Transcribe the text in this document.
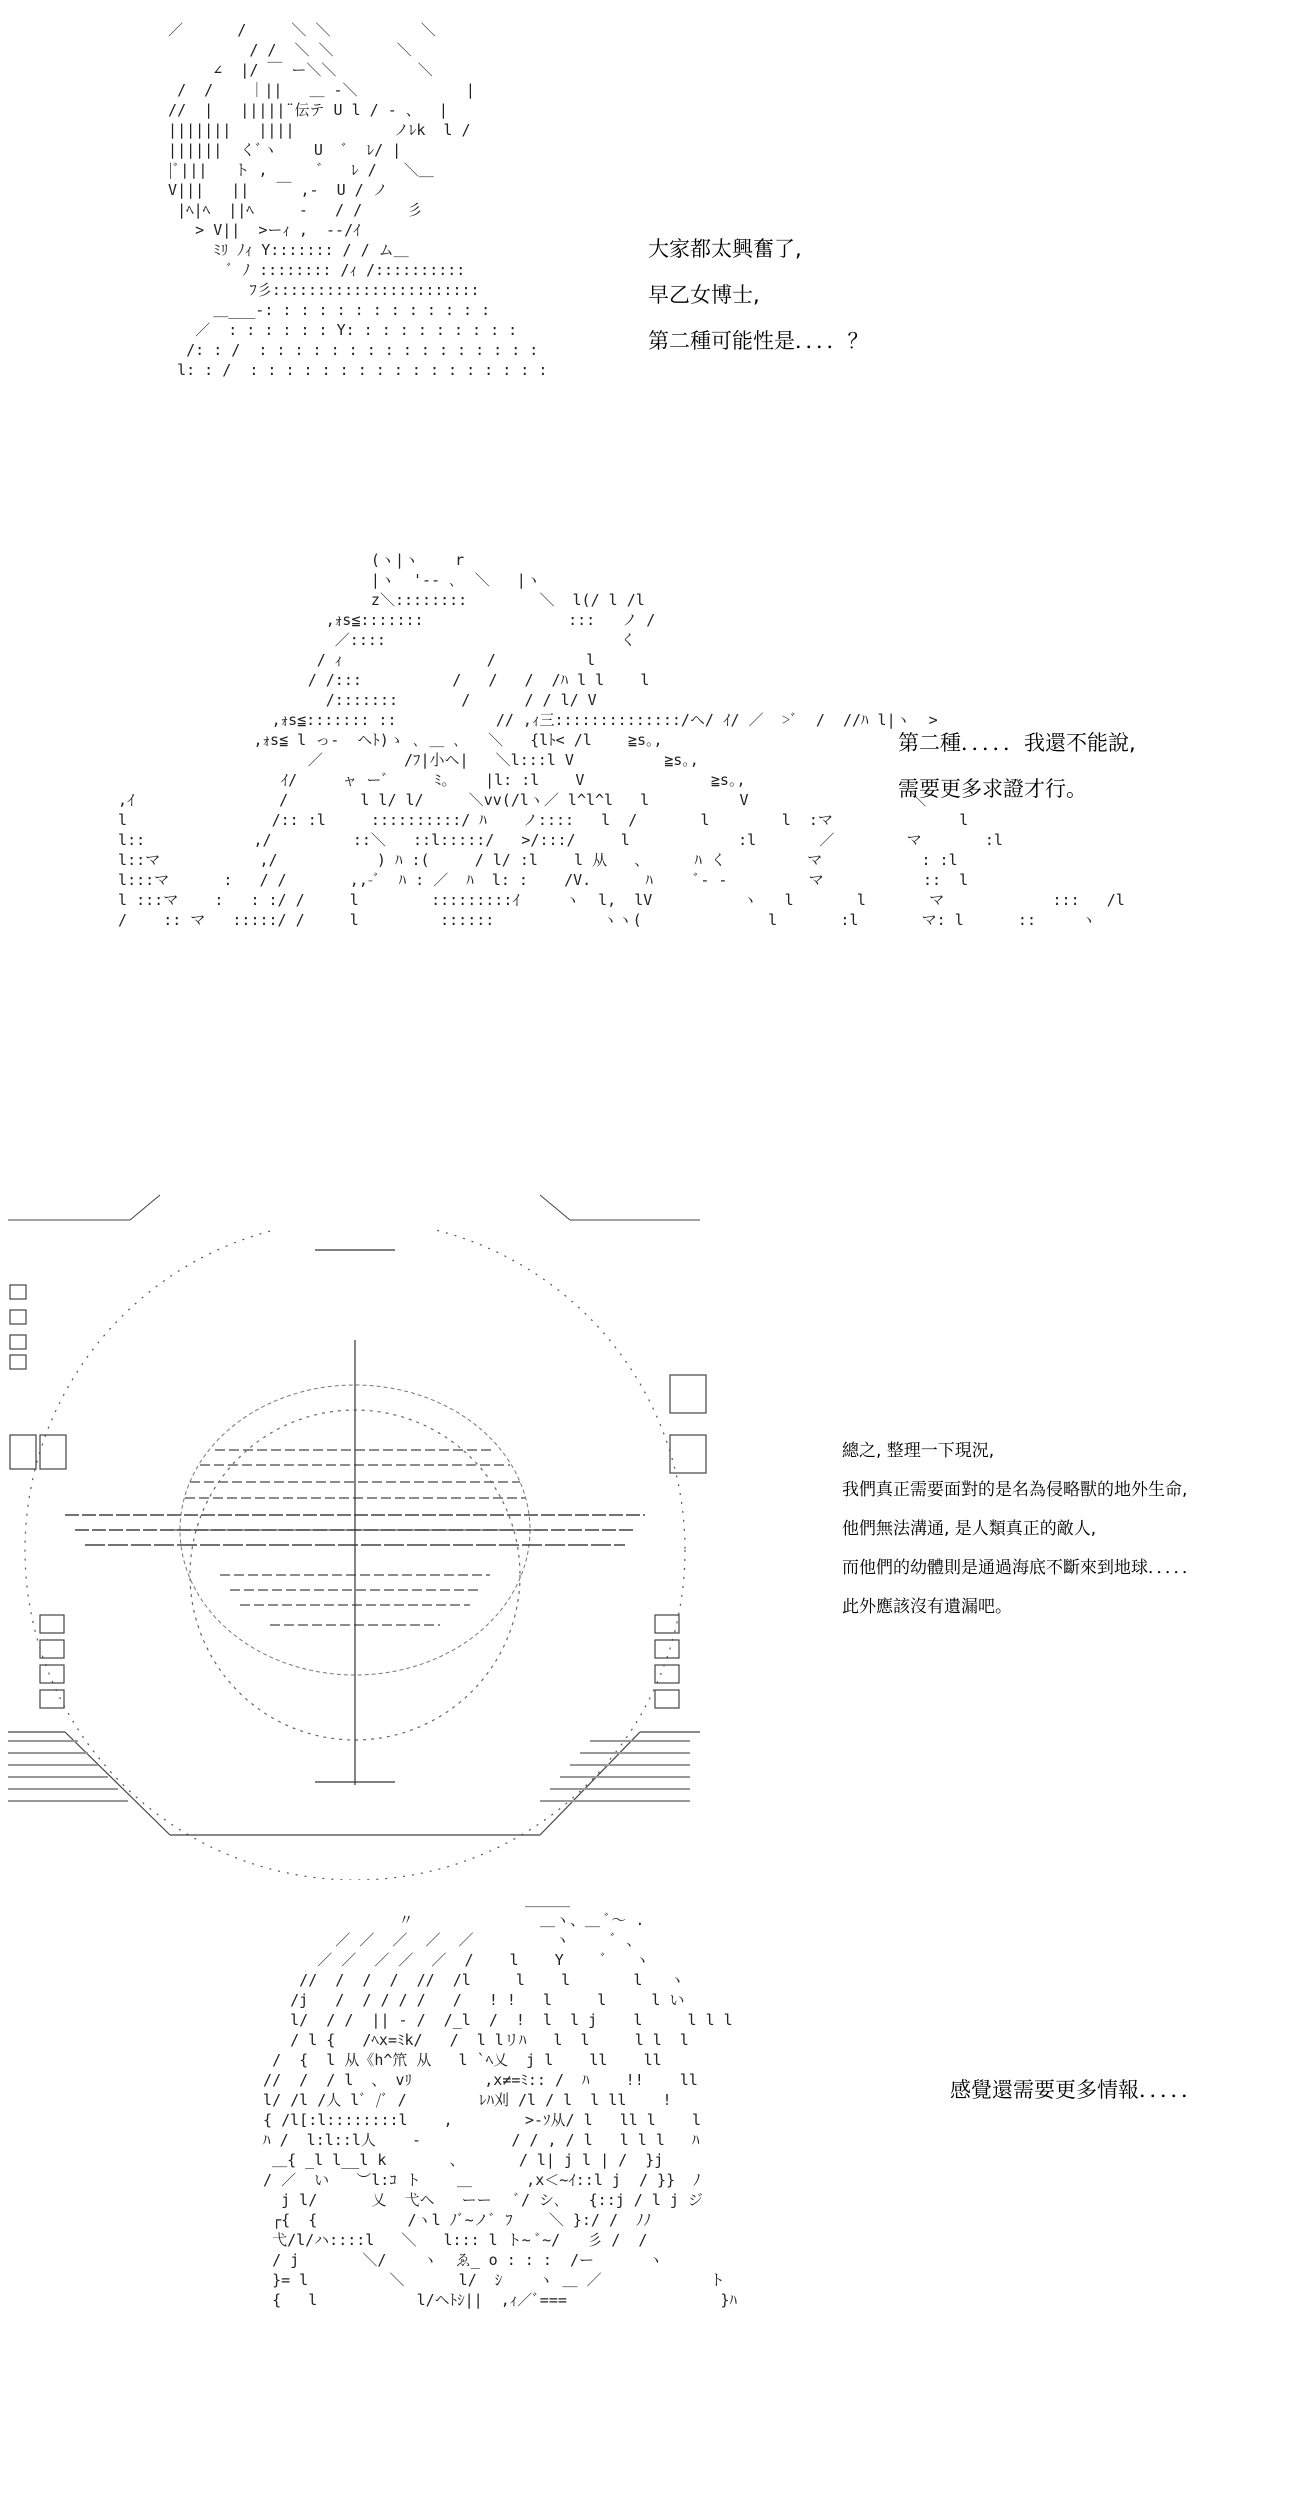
／      /     ＼ ＼          ＼
/ /  ＼ ＼       ＼
∠  |/ ￣ ー＼＼         ＼
/  /    ｜||   ＿ -＼            |
//  |   |||||¨伝テ U l / - 、  |
|||||||   ||||           ノﾚk  l /
||||||  くﾞヽ    U  ﾞ  ﾚ/ |
|ﾞ|||   ト ,      ﾞ   ﾚ /   ＼＿
V|||   ||   ￣ ,-  U / ノ
|ﾍ|ﾍ  ||ﾍ     -   / /     彡
> V||  >ーｨ ,  --/ｲ
ﾐﾘ ﾉｨ Y::::::: / / ム＿
ﾞ ﾉ :::::::: /ｨ /::::::::::
ﾌ彡:::::::::::::::::::::::
＿___-: : : : : : : : : : : : :
／  : : : : : : Y: : : : : : : : : :
/: : /  : : : : : : : : : : : : : : : :
l: : /  : : : : : : : : : : : : : : : : :

大家都太興奮了,
早乙女博士,
第二種可能性是．．．．？
(ヽ|ヽ    r
|ヽ  '-- ､  ＼   |ヽ
z＼::::::::        ＼  l(/ l /l
,ｫs≦:::::::                :::   ノ /
／::::                          く
/ ｨ                /          l
/ /:::          /   /   /  /ﾊ l l    l
/:::::::       /      / / l/ V
,ｫs≦::::::: ::           // ,ｨ三::::::::::::::/ヘ/ ｲ/ ／  >ﾞ  /  //ﾊ l|ヽ  >
,ｫs≦ l っ-  ヘﾄ)ゝ ､ ＿ ､   ＼   {lﾄ< /l    ≧s｡,
／         /ﾌ|小ヘ|   ＼l:::l V          ≧s｡,
ｲ/     ャ ーﾞ     ﾐ｡    |l: :l    V              ≧s｡,
,ｲ                /        l l/ l/     ＼vv(/lヽ／ l^l^l   l          V                  ＼
l                /:: :l     ::::::::::/ ﾊ    ノ::::   l  /       l        l  :マ              l
l::            ,/         ::＼   ::l:::::/   >/:::/     l            :l       ／        マ       :l
l::マ           ,/           ) ﾊ :(     / l/ :l    l 从   、     ﾊ く         マ           : :l
l:::マ      :   / /       ,,-ﾞ  ﾊ : ／  ﾊ  l: :    /V.      ﾊ     ﾞ- -         マ           ::  l
l :::マ    :   : :/ /     l        :::::::::ｲ     ヽ  l,  lV          ヽ   l       l       マ            :::   /l
/    :: マ   :::::/ /     l         ::::::            ヽヽ(              l       :l       マ: l      ::     ヽ

第二種．．．．．我還不能說,
需要更多求證才行。
總之, 整理一下現況,
我們真正需要面對的是名為侵略獸的地外生命,
他們無法溝通, 是人類真正的敵人,
而他們的幼體則是通過海底不斷來到地球．．．．．
此外應該沒有遺漏吧。
＿＿＿
〃              ＿ヽ、＿ ﾞ～ .
／ ／  ／  ／  ／         ヽ     ﾞ 、
／ ／  ／ ／  ／  /    l    Y    ﾞ   ヽ
//  /  /  /  //  /l     l    l       l   ヽ
/j   /  / / / /   /   ! !   l     l     l い
l/  / /  || - /  /_l  /  !  l  l j    l     l l l
/ l {   /ﾍx=ﾐk/   /  l lリﾊ   l  l     l l  l
/  {  l 从《h^笊 从   l `ﾍ乂  j l    ll    ll
//  /  / l  、 vﾘ        ,x≠=ﾐ:: /  ﾊ    !!    ll
l/ /l /人 lﾞ /ﾞ /        ﾚﾊ刈 /l / l  l ll    !
{ /l[:l::::::::l    ,        >-ｿ从/ l   ll l    l
ﾊ /  l:l::l人    -          / / , / l   l l l   ﾊ
＿{ _l l__l k       、      / l| j l | /  }j
/ ／  い   ︶l:ｺ ト    ＿      ,x＜~ｲ::l j  / }}  ﾉ
j l/      乂  弋ヘ   ーー   ﾞ/ シ､   {::j / l j ジ
┌{  {          /ヽl ﾉﾞ~ノﾞ ﾌ    ＼ }:/ /  ﾉﾉ
弋/l/ハ::::l   ＼   l::: l ト~ ﾞ~/   彡 /  /
/ j       ＼/    ヽ  ゑ_ o : : :  /ー      ヽ
}= l         ＼      l/  ｼ    ヽ ＿ ／            ト
{   l           l/ヘﾄｼ||  ,ｨ／ﾞ===                 }ﾊ

感覺還需要更多情報．．．．．
